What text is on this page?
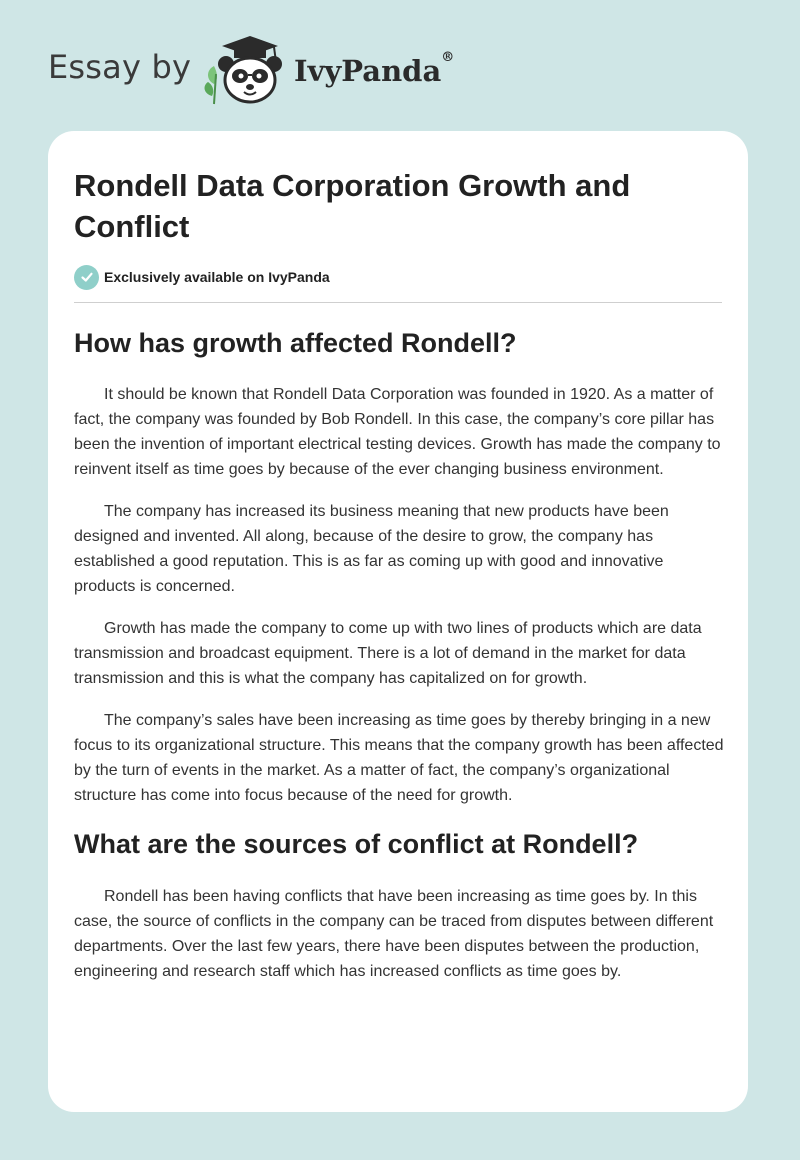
Essay by	IvyPanda®
Rondell Data Corporation Growth and Conflict
Exclusively available on IvyPanda
How has growth affected Rondell?

It should be known that Rondell Data Corporation was founded in 1920. As a matter of fact, the company was founded by Bob Rondell. In this case, the company’s core pillar has been the invention of important electrical testing devices. Growth has made the company to reinvent itself as time goes by because of the ever changing business environment.

The company has increased its business meaning that new products have been designed and invented. All along, because of the desire to grow, the company has established a good reputation. This is as far as coming up with good and innovative products is concerned.

Growth has made the company to come up with two lines of products which are data transmission and broadcast equipment. There is a lot of demand in the market for data transmission and this is what the company has capitalized on for growth.

The company’s sales have been increasing as time goes by thereby bringing in a new focus to its organizational structure. This means that the company growth has been affected by the turn of events in the market. As a matter of fact, the company’s organizational structure has come into focus because of the need for growth.

What are the sources of conflict at Rondell?

Rondell has been having conflicts that have been increasing as time goes by. In this case, the source of conflicts in the company can be traced from disputes between different departments. Over the last few years, there have been disputes between the production, engineering and research staff which has increased conflicts as time goes by.
